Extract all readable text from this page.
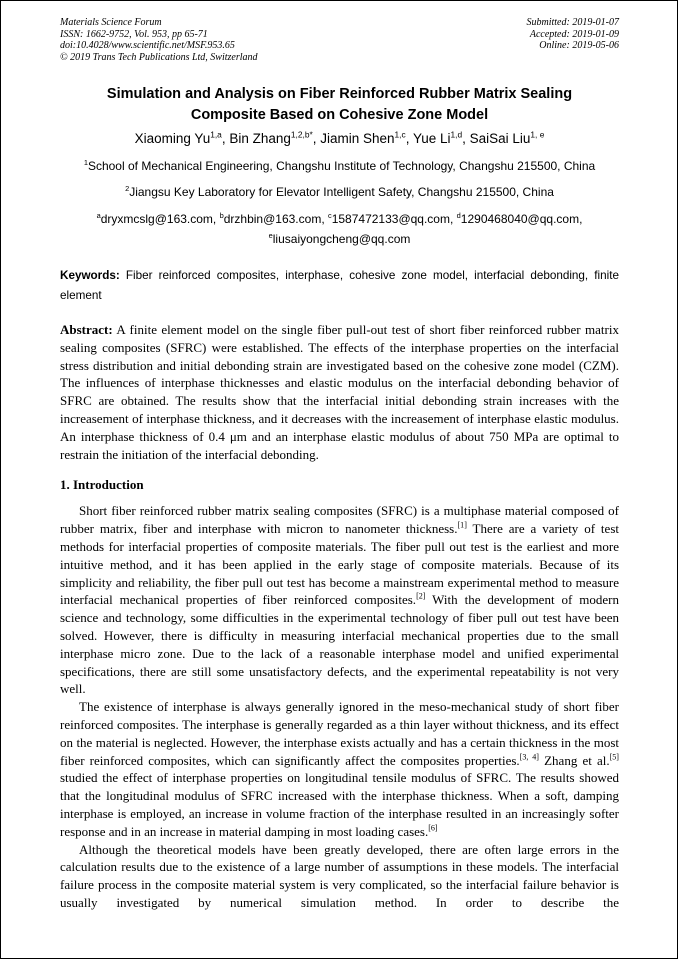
Materials Science Forum
ISSN: 1662-9752, Vol. 953, pp 65-71
doi:10.4028/www.scientific.net/MSF.953.65
© 2019 Trans Tech Publications Ltd, Switzerland
Submitted: 2019-01-07
Accepted: 2019-01-09
Online: 2019-05-06
Simulation and Analysis on Fiber Reinforced Rubber Matrix Sealing
Composite Based on Cohesive Zone Model
Xiaoming Yu$^{1,a}$, Bin Zhang$^{1,2,b*}$, Jiamin Shen$^{1,c}$, Yue Li$^{1,d}$, SaiSai Liu$^{1, e}$
$^1$School of Mechanical Engineering, Changshu Institute of Technology, Changshu 215500, China
$^2$Jiangsu Key Laboratory for Elevator Intelligent Safety, Changshu 215500, China
$^a$dryxmcslg@163.com, $^b$drzhbin@163.com, $^c$1587472133@qq.com, $^d$1290468040@qq.com,
$^e$liusaiyongcheng@qq.com

Keywords: Fiber reinforced composites, interphase, cohesive zone model, interfacial debonding, finite element

Abstract: A finite element model on the single fiber pull-out test of short fiber reinforced rubber matrix sealing composites (SFRC) were established. The effects of the interphase properties on the interfacial stress distribution and initial debonding strain are investigated based on the cohesive zone model (CZM). The influences of interphase thicknesses and elastic modulus on the interfacial debonding behavior of SFRC are obtained. The results show that the interfacial initial debonding strain increases with the increasement of interphase thickness, and it decreases with the increasement of interphase elastic modulus. An interphase thickness of 0.4 μm and an interphase elastic modulus of about 750 MPa are optimal to restrain the initiation of the interfacial debonding.

1. Introduction

Short fiber reinforced rubber matrix sealing composites (SFRC) is a multiphase material composed of rubber matrix, fiber and interphase with micron to nanometer thickness.[1] There are a variety of test methods for interfacial properties of composite materials. The fiber pull out test is the earliest and more intuitive method, and it has been applied in the early stage of composite materials. Because of its simplicity and reliability, the fiber pull out test has become a mainstream experimental method to measure interfacial mechanical properties of fiber reinforced composites.[2] With the development of modern science and technology, some difficulties in the experimental technology of fiber pull out test have been solved. However, there is difficulty in measuring interfacial mechanical properties due to the small interphase micro zone. Due to the lack of a reasonable interphase model and unified experimental specifications, there are still some unsatisfactory defects, and the experimental repeatability is not very well.

The existence of interphase is always generally ignored in the meso-mechanical study of short fiber reinforced composites. The interphase is generally regarded as a thin layer without thickness, and its effect on the material is neglected. However, the interphase exists actually and has a certain thickness in the most fiber reinforced composites, which can significantly affect the composites properties.[3, 4] Zhang et al.[5] studied the effect of interphase properties on longitudinal tensile modulus of SFRC. The results showed that the longitudinal modulus of SFRC increased with the interphase thickness. When a soft, damping interphase is employed, an increase in volume fraction of the interphase resulted in an increasingly softer response and in an increase in material damping in most loading cases.[6]

Although the theoretical models have been greatly developed, there are often large errors in the calculation results due to the existence of a large number of assumptions in these models. The interfacial failure process in the composite material system is very complicated, so the interfacial failure behavior is usually investigated by numerical simulation method. In order to describe the
